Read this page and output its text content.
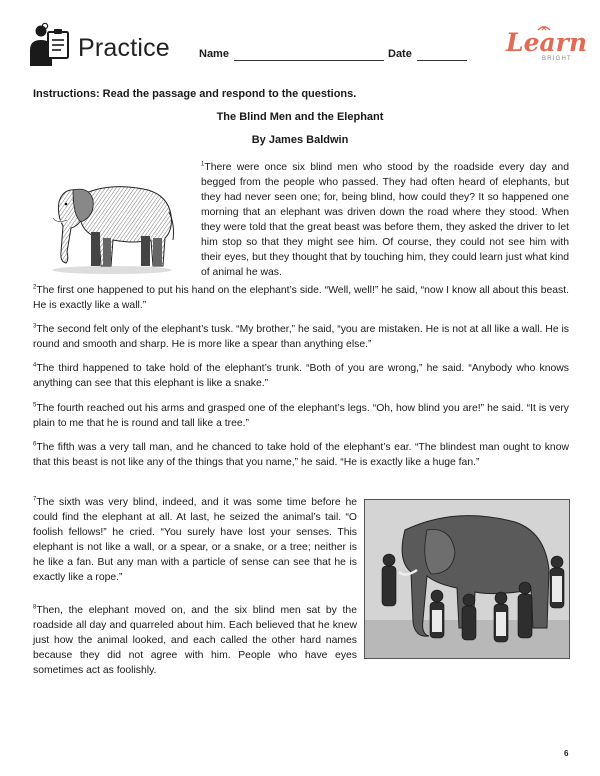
Practice	Name	Date	Learn
BRIGHT
Instructions: Read the passage and respond to the questions.
The Blind Men and the Elephant
By James Baldwin
$^1$There were once six blind men who stood by the roadside every day and begged from the people who passed. They had often heard of elephants, but they had never seen one; for, being blind, how could they? It so happened one morning that an elephant was driven down the road where they stood. When they were told that the great beast was before them, they asked the driver to let him stop so that they might see him. Of course, they could not see him with their eyes, but they thought that by touching him, they could learn just what kind of animal he was.
$^2$The first one happened to put his hand on the elephant’s side. “Well, well!” he said, “now I know all about this beast. He is exactly like a wall.”
$^3$The second felt only of the elephant’s tusk. “My brother,” he said, “you are mistaken. He is not at all like a wall. He is round and smooth and sharp. He is more like a spear than anything else.”
$^4$The third happened to take hold of the elephant’s trunk. “Both of you are wrong,” he said. “Anybody who knows anything can see that this elephant is like a snake.”
$^5$The fourth reached out his arms and grasped one of the elephant’s legs. “Oh, how blind you are!” he said. “It is very plain to me that he is round and tall like a tree.”
$^6$The fifth was a very tall man, and he chanced to take hold of the elephant’s ear. “The blindest man ought to know that this beast is not like any of the things that you name,” he said. “He is exactly like a huge fan.”
$^7$The sixth was very blind, indeed, and it was some time before he could find the elephant at all. At last, he seized the animal’s tail. “O foolish fellows!” he cried. “You surely have lost your senses. This elephant is not like a wall, or a spear, or a snake, or a tree; neither is he like a fan. But any man with a particle of sense can see that he is exactly like a rope.”
$^8$Then, the elephant moved on, and the six blind men sat by the roadside all day and quarreled about him. Each believed that he knew just how the animal looked, and each called the other hard names because they did not agree with him. People who have eyes sometimes act as foolishly.
6
